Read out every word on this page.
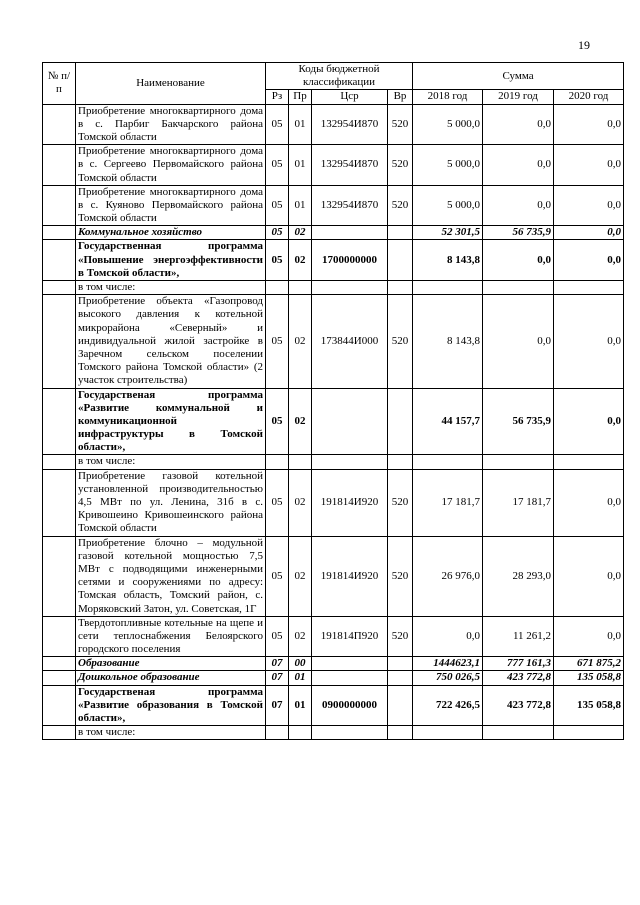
19
№ п/п	Наименование	Коды бюджетной классификации				Сумма		
		Рз	Пр	Цср	Вр	2018 год	2019 год	2020 год
	Приобретение многоквартирного дома в с. Парбиг Бакчарского района Томской области	05	01	132954И870	520	5 000,0	0,0	0,0
	Приобретение многоквартирного дома в с. Сергеево Первомайского района Томской области	05	01	132954И870	520	5 000,0	0,0	0,0
	Приобретение многоквартирного дома в с. Куяново Первомайского района Томской области	05	01	132954И870	520	5 000,0	0,0	0,0
	Коммунальное хозяйство	05	02			52 301,5	56 735,9	0,0
	Государственная программа «Повышение энергоэффективности в Томской области»,	05	02	1700000000		8 143,8	0,0	0,0
	в том числе:							
	Приобретение объекта «Газопровод высокого давления к котельной микрорайона «Северный» и индивидуальной жилой застройке в Заречном сельском поселении Томского района Томской области» (2 участок строительства)	05	02	173844И000	520	8 143,8	0,0	0,0
	Государственая программа «Развитие коммунальной и коммуникационной инфраструктуры в Томской области»,	05	02			44 157,7	56 735,9	0,0
	в том числе:							
	Приобретение газовой котельной установленной производительностью 4,5 МВт по ул. Ленина, 31б в с. Кривошеино Кривошеинского района Томской области	05	02	191814И920	520	17 181,7	17 181,7	0,0
	Приобретение блочно – модульной газовой котельной мощностью 7,5 МВт с подводящими инженерными сетями и сооружениями по адресу: Томская область, Томский район, с. Моряковский Затон, ул. Советская, 1Г	05	02	191814И920	520	26 976,0	28 293,0	0,0
	Твердотопливные котельные на щепе и сети теплоснабжения Белоярского городского поселения	05	02	191814П920	520	0,0	11 261,2	0,0
	Образование	07	00			1444623,1	777 161,3	671 875,2
	Дошкольное образование	07	01			750 026,5	423 772,8	135 058,8
	Государственая программа «Развитие образования в Томской области»,	07	01	0900000000		722 426,5	423 772,8	135 058,8
	в том числе:							
